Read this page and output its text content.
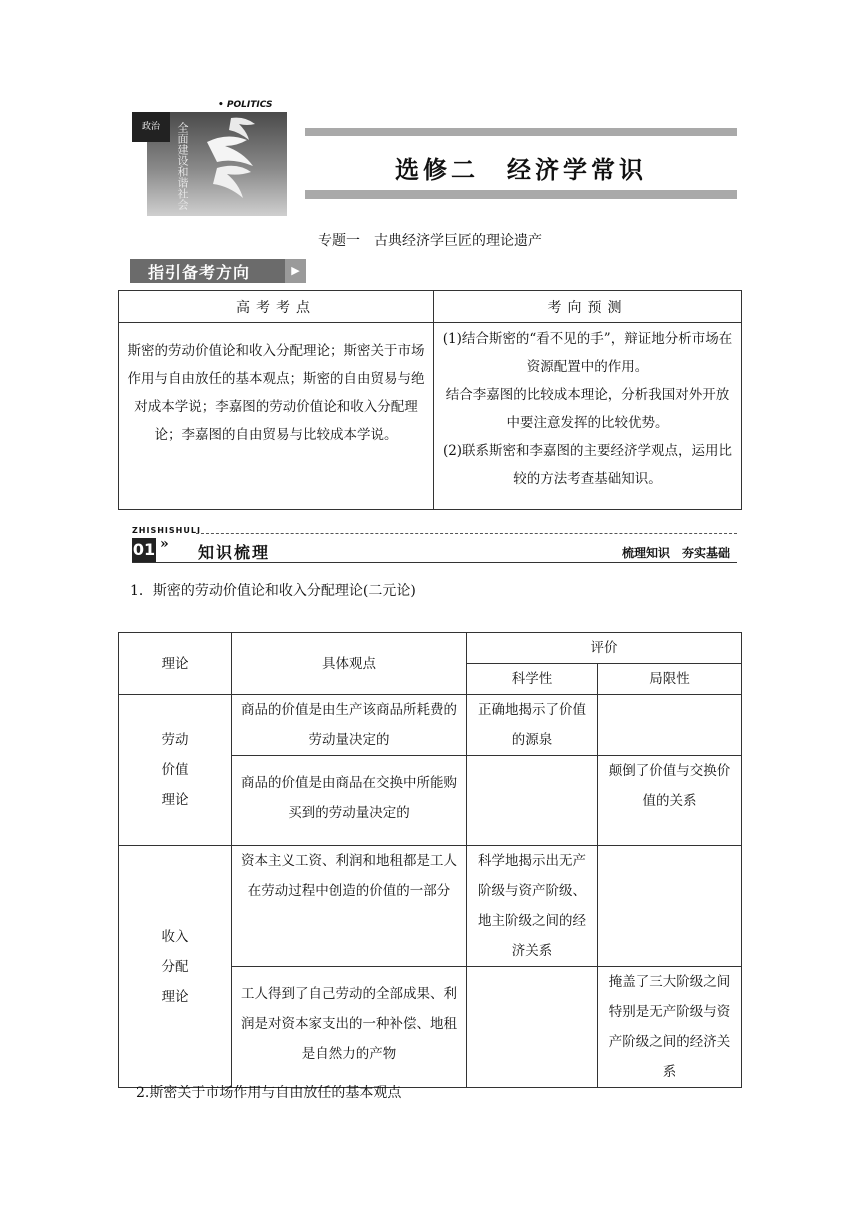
政治
• POLITICS
全面建设和谐社会	选修二　经济学常识
专题一　古典经济学巨匠的理论遗产
指引备考方向	▶
高考考点	考向预测
斯密的劳动价值论和收入分配理论；斯密关于市场作用与自由放任的基本观点；斯密的自由贸易与绝对成本学说；李嘉图的劳动价值论和收入分配理论；李嘉图的自由贸易与比较成本学说。	(1)结合斯密的“看不见的手”，辩证地分析市场在资源配置中的作用。
结合李嘉图的比较成本理论，分析我国对外开放中要注意发挥的比较优势。
(2)联系斯密和李嘉图的主要经济学观点，运用比较的方法考查基础知识。
ZHISHISHULI
01 » 知识梳理	梳理知识　夯实基础
1．斯密的劳动价值论和收入分配理论(二元论)
理论	具体观点	评价	
		科学性	局限性
劳动
价值
理论	商品的价值是由生产该商品所耗费的劳动量决定的	正确地揭示了价值的源泉	
	商品的价值是由商品在交换中所能购买到的劳动量决定的		颠倒了价值与交换价值的关系
收入
分配
理论	资本主义工资、利润和地租都是工人在劳动过程中创造的价值的一部分	科学地揭示出无产阶级与资产阶级、地主阶级之间的经济关系	
	工人得到了自己劳动的全部成果、利润是对资本家支出的一种补偿、地租是自然力的产物		掩盖了三大阶级之间特别是无产阶级与资产阶级之间的经济关系
2.斯密关于市场作用与自由放任的基本观点
